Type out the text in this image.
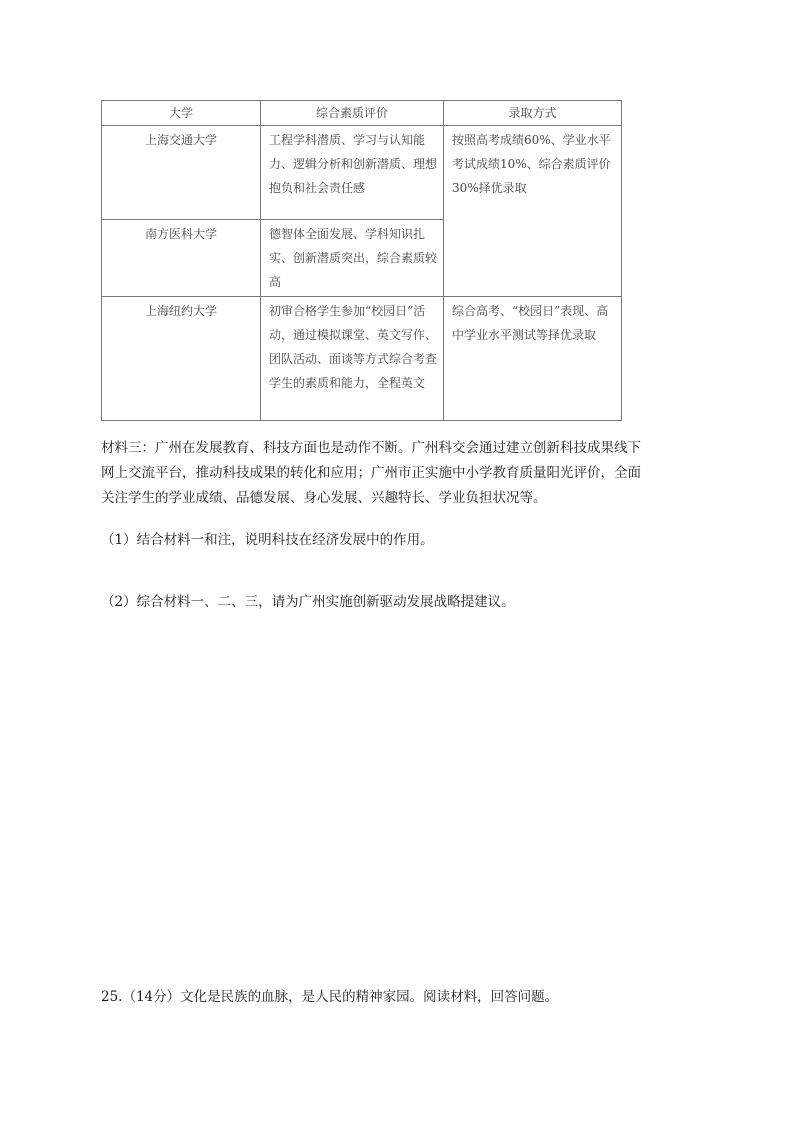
大学	综合素质评价	录取方式
上海交通大学	工程学科潜质、学习与认知能力、逻辑分析和创新潜质、理想抱负和社会责任感	按照高考成绩60%、学业水平考试成绩10%、综合素质评价30%择优录取
南方医科大学	德智体全面发展、学科知识扎实、创新潜质突出，综合素质较高	
上海纽约大学	初审合格学生参加“校园日”活动，通过模拟课堂、英文写作、团队活动、面谈等方式综合考查学生的素质和能力，全程英文	综合高考、“校园日”表现、高中学业水平测试等择优录取
材料三：广州在发展教育、科技方面也是动作不断。广州科交会通过建立创新科技成果线下
网上交流平台，推动科技成果的转化和应用；广州市正实施中小学教育质量阳光评价，全面
关注学生的学业成绩、品德发展、身心发展、兴趣特长、学业负担状况等。
（1）结合材料一和注，说明科技在经济发展中的作用。
（2）综合材料一、二、三，请为广州实施创新驱动发展战略提建议。
25.（14分）文化是民族的血脉，是人民的精神家园。阅读材料，回答问题。
